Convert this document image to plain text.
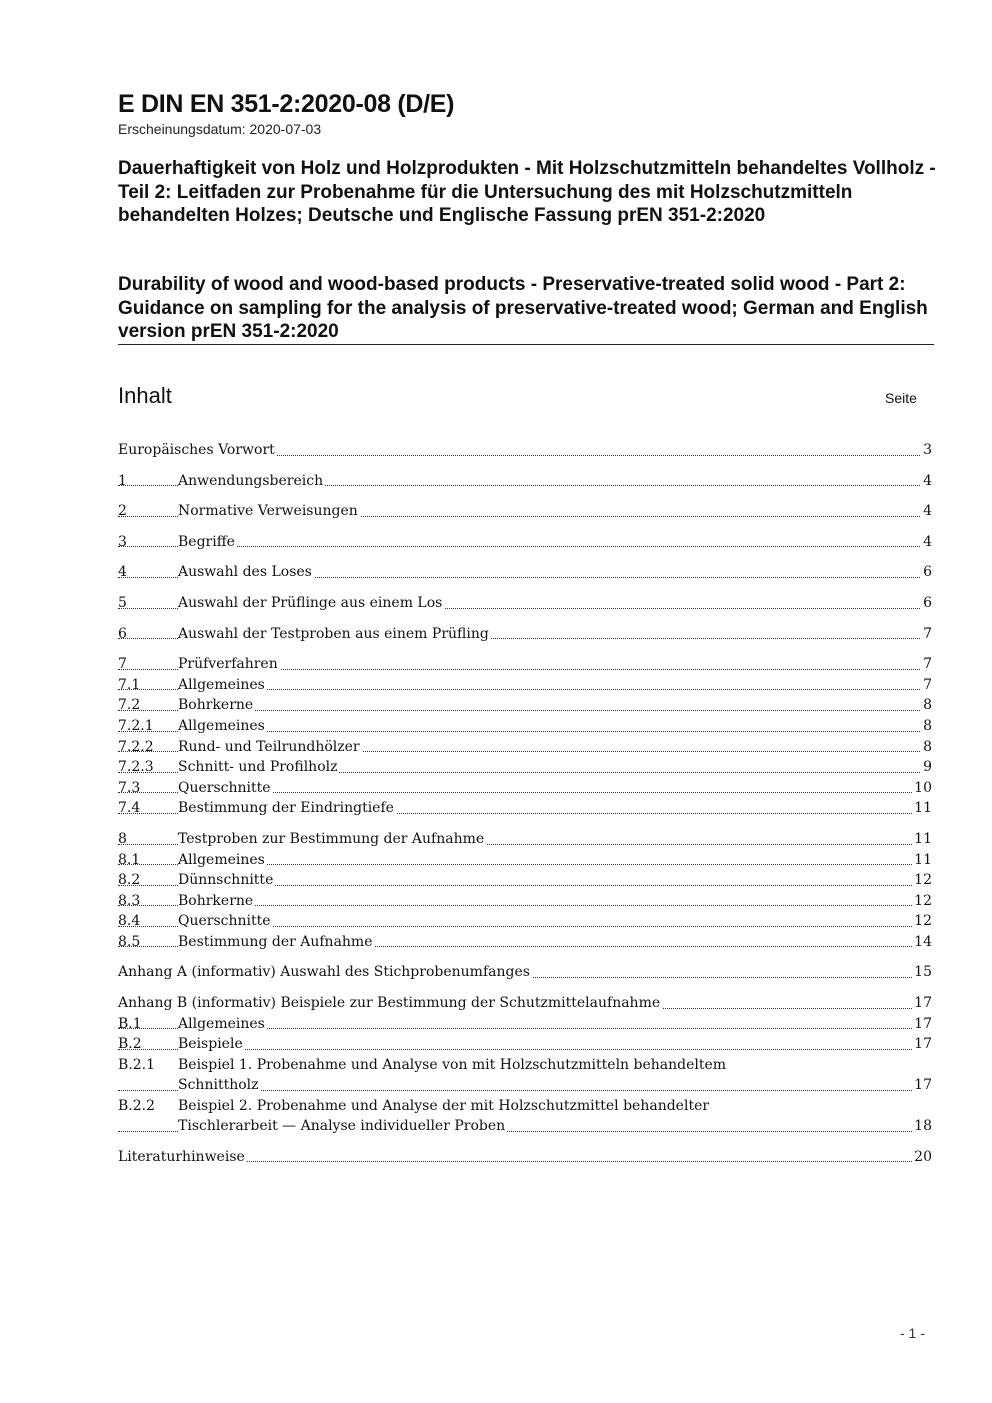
E DIN EN 351-2:2020-08 (D/E)
Erscheinungsdatum: 2020-07-03
Dauerhaftigkeit von Holz und Holzprodukten - Mit Holzschutzmitteln behandeltes Vollholz - Teil 2: Leitfaden zur Probenahme für die Untersuchung des mit Holzschutzmitteln behandelten Holzes; Deutsche und Englische Fassung prEN 351-2:2020
Durability of wood and wood-based products - Preservative-treated solid wood - Part 2: Guidance on sampling for the analysis of preservative-treated wood; German and English version prEN 351-2:2020
Inhalt	Seite
Europäisches Vorwort	3
1	Anwendungsbereich	4
2	Normative Verweisungen	4
3	Begriffe	4
4	Auswahl des Loses	6
5	Auswahl der Prüflinge aus einem Los	6
6	Auswahl der Testproben aus einem Prüfling	7
7	Prüfverfahren	7
7.1	Allgemeines	7
7.2	Bohrkerne	8
7.2.1 Allgemeines	8
7.2.2 Rund- und Teilrundhölzer	8
7.2.3 Schnitt- und Profilholz	9
7.3	Querschnitte	10
7.4	Bestimmung der Eindringtiefe	11
8	Testproben zur Bestimmung der Aufnahme	11
8.1	Allgemeines	11
8.2	Dünnschnitte	12
8.3	Bohrkerne	12
8.4	Querschnitte	12
8.5	Bestimmung der Aufnahme	14
Anhang A (informativ) Auswahl des Stichprobenumfanges	15
Anhang B (informativ) Beispiele zur Bestimmung der Schutzmittelaufnahme	17
B.1	Allgemeines	17
B.2	Beispiele	17
B.2.1 Beispiel 1. Probenahme und Analyse von mit Holzschutzmitteln behandeltem
Schnittholz	17
B.2.2 Beispiel 2. Probenahme und Analyse der mit Holzschutzmittel behandelter
Tischlerarbeit — Analyse individueller Proben	18
Literaturhinweise	20
- 1 -
